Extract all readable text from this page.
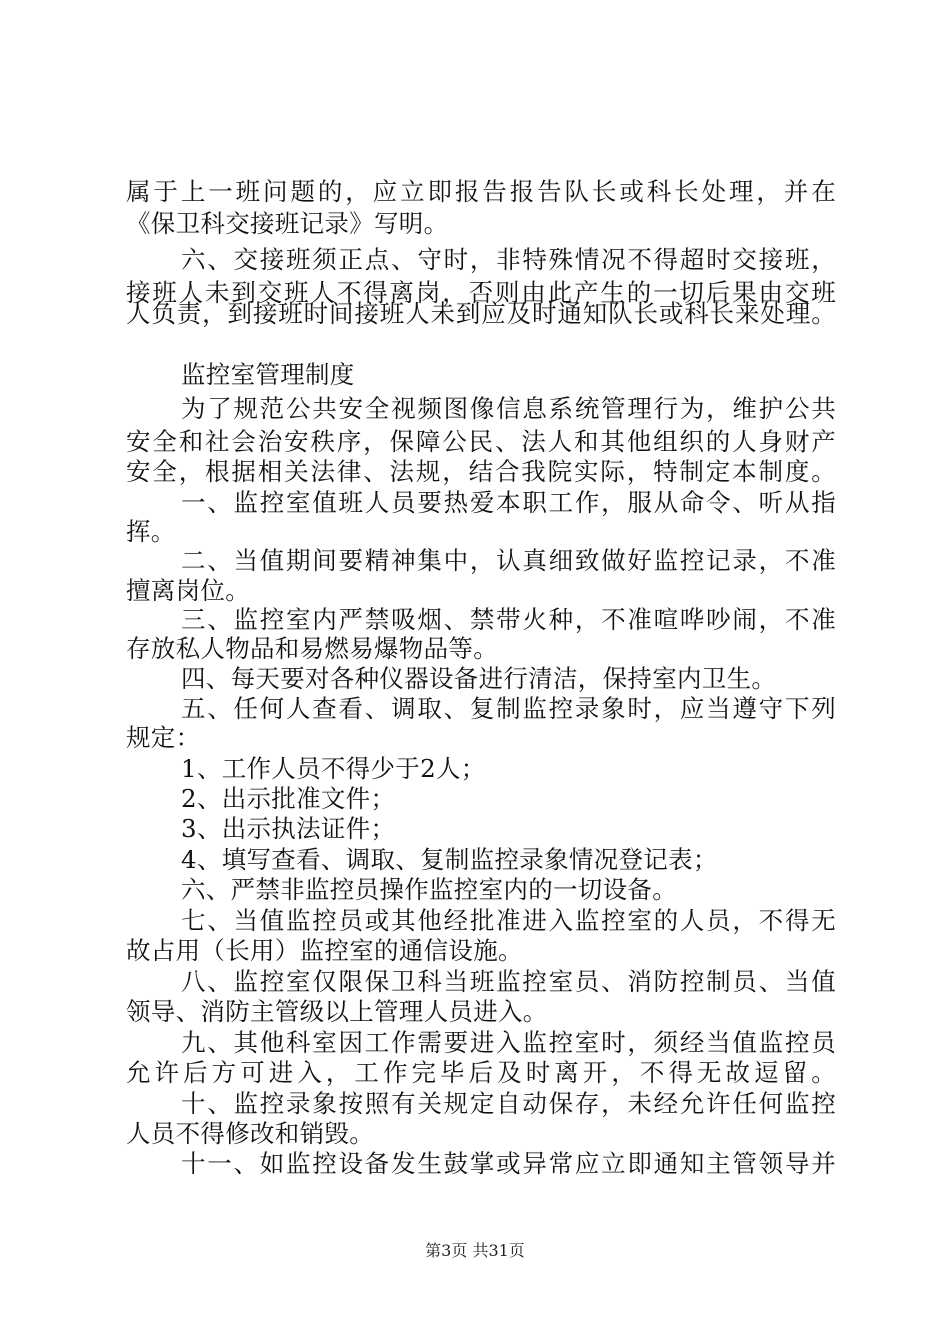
属于上一班问题的，应立即报告报告队长或科长处理，并在
《保卫科交接班记录》写明。
六、交接班须正点、守时，非特殊情况不得超时交接班，
接班人未到交班人不得离岗，否则由此产生的一切后果由交班
人负责，到接班时间接班人未到应及时通知队长或科长来处理。
监控室管理制度
为了规范公共安全视频图像信息系统管理行为，维护公共
安全和社会治安秩序，保障公民、法人和其他组织的人身财产
安全，根据相关法律、法规，结合我院实际，特制定本制度。
一、监控室值班人员要热爱本职工作，服从命令、听从指
挥。
二、当值期间要精神集中，认真细致做好监控记录，不准
擅离岗位。
三、监控室内严禁吸烟、禁带火种，不准喧哗吵闹，不准
存放私人物品和易燃易爆物品等。
四、每天要对各种仪器设备进行清洁，保持室内卫生。
五、任何人查看、调取、复制监控录象时，应当遵守下列
规定：
1、工作人员不得少于2人；
2、出示批准文件；
3、出示执法证件；
4、填写查看、调取、复制监控录象情况登记表；
六、严禁非监控员操作监控室内的一切设备。
七、当值监控员或其他经批准进入监控室的人员，不得无
故占用（长用）监控室的通信设施。
八、监控室仅限保卫科当班监控室员、消防控制员、当值
领导、消防主管级以上管理人员进入。
九、其他科室因工作需要进入监控室时，须经当值监控员
允许后方可进入，工作完毕后及时离开，不得无故逗留。
十、监控录象按照有关规定自动保存，未经允许任何监控
人员不得修改和销毁。
十一、如监控设备发生鼓掌或异常应立即通知主管领导并
第3页 共31页
